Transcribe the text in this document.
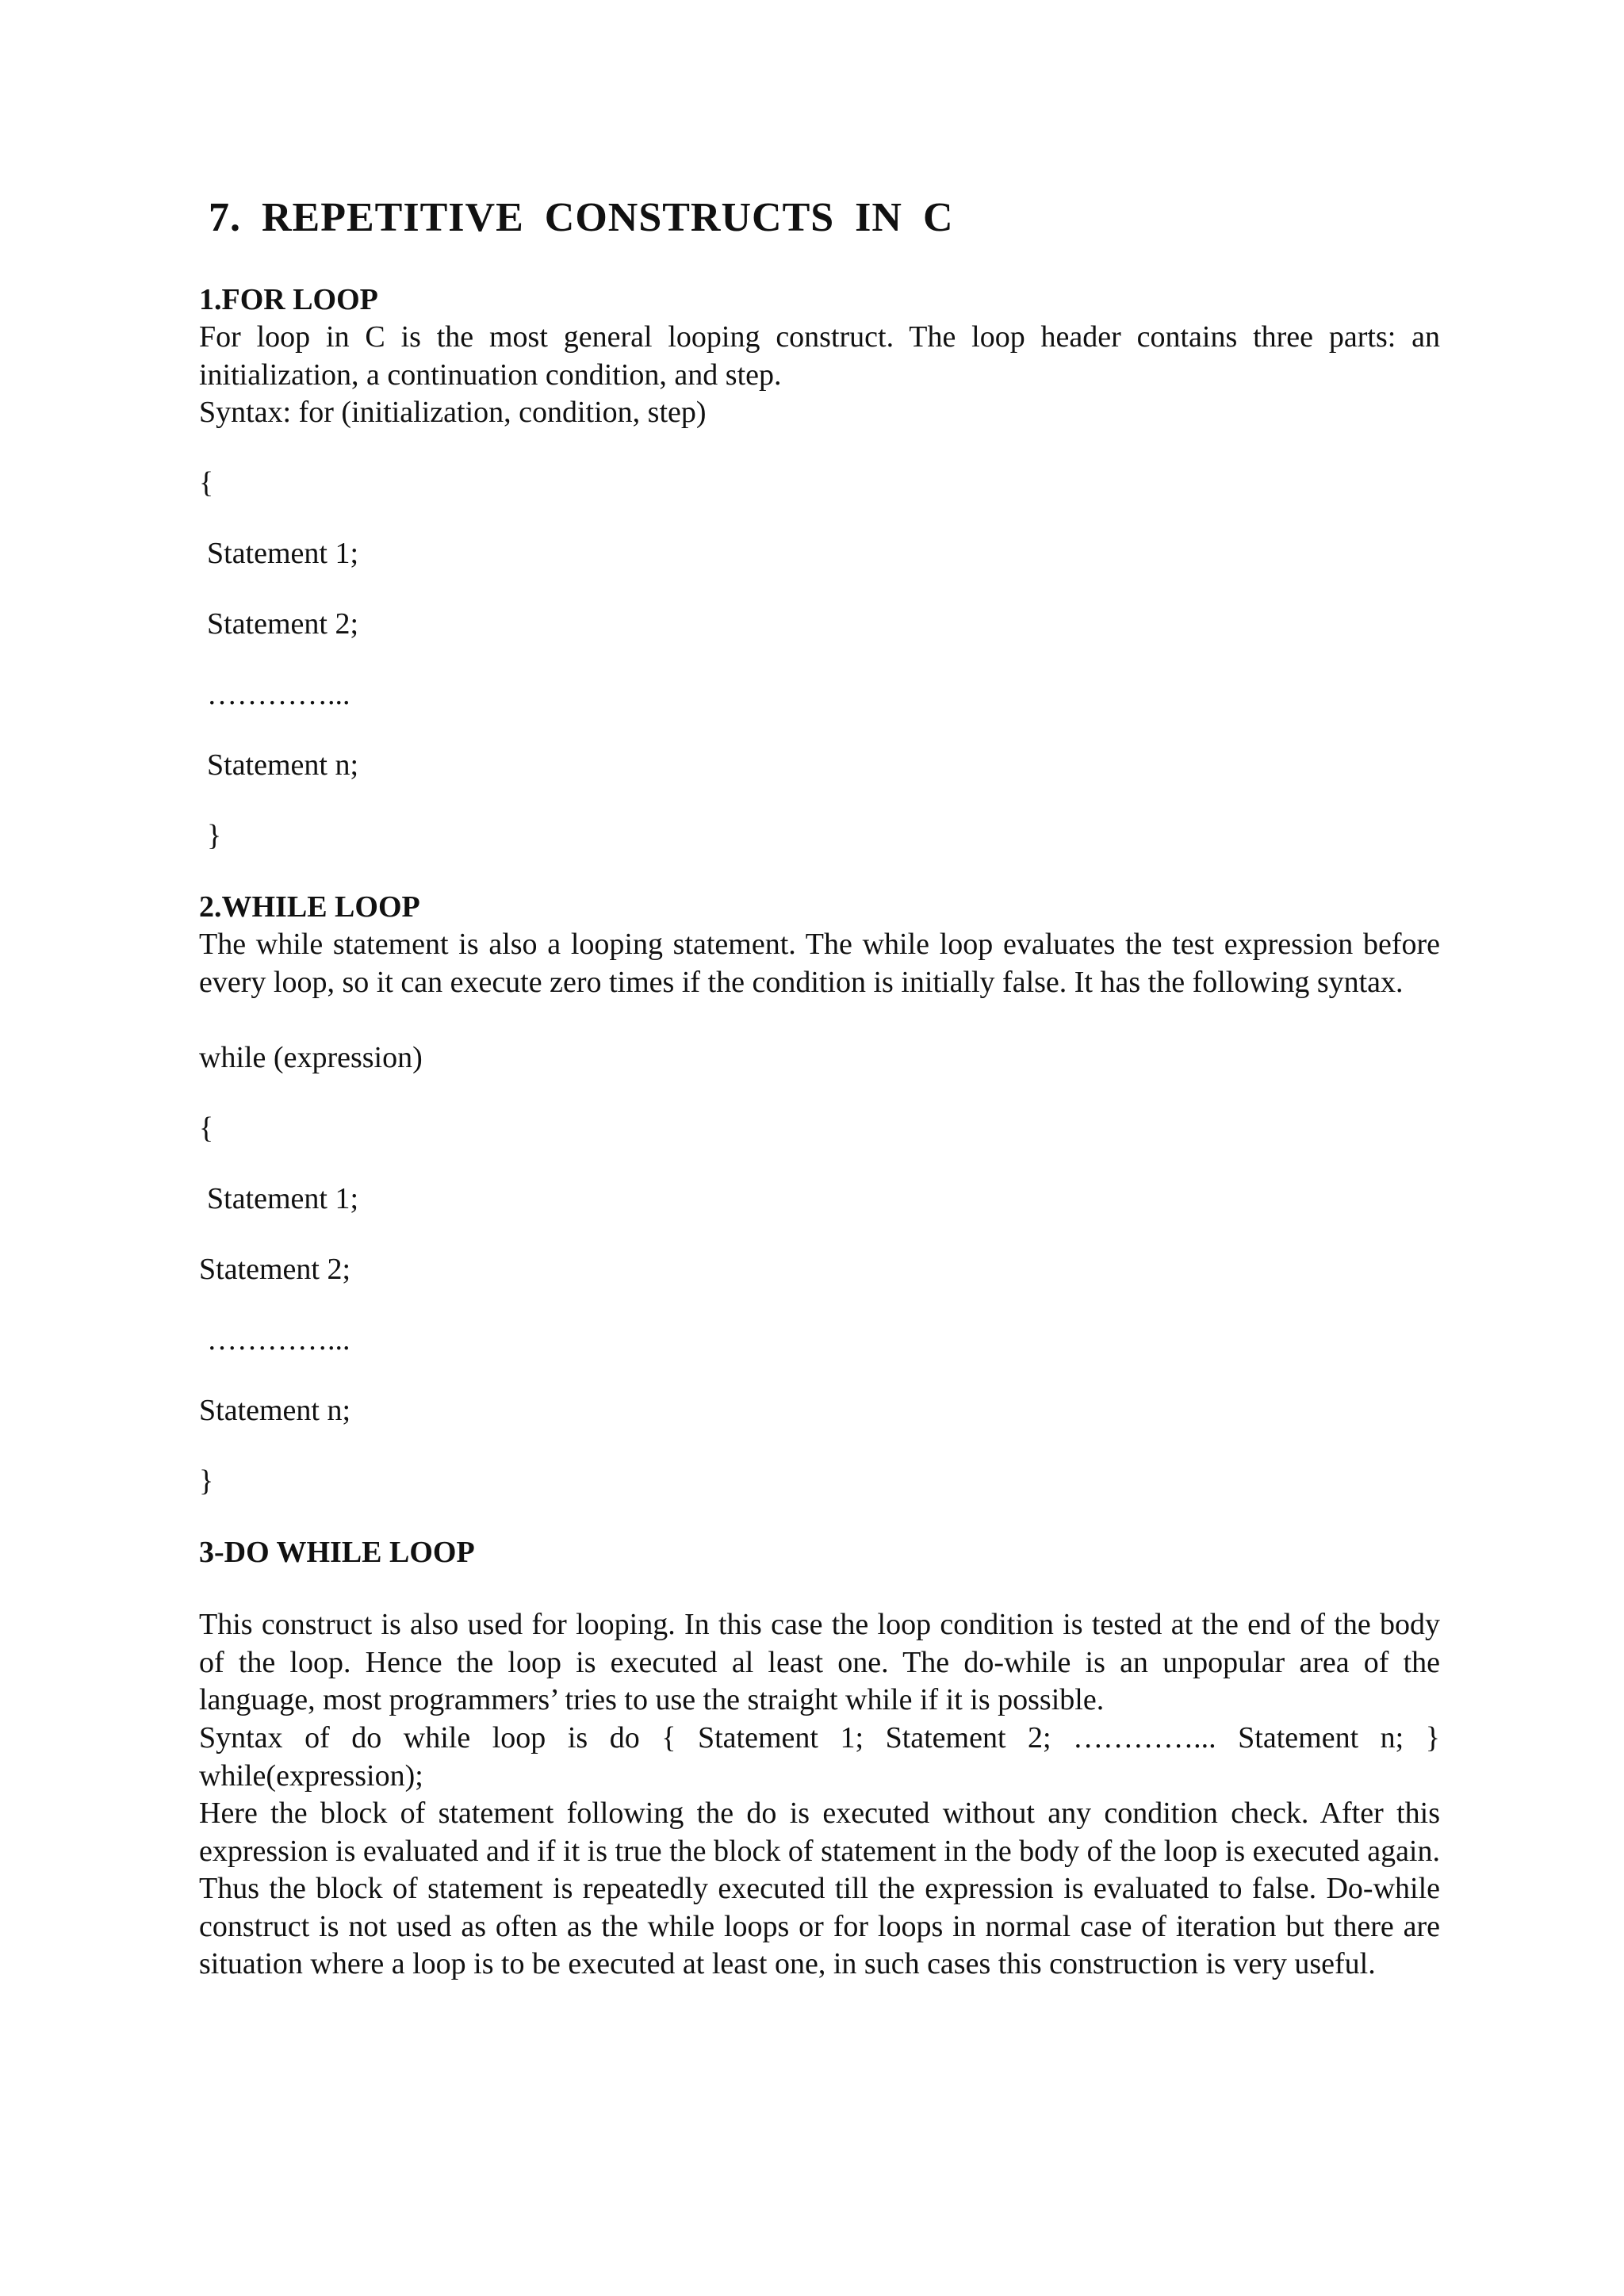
7. REPETITIVE CONSTRUCTS IN C
1.FOR LOOP

For loop in C is the most general looping construct. The loop header contains three parts: an initialization, a continuation condition, and step.

Syntax: for (initialization, condition, step)
{
Statement 1;
Statement 2;
…………...
Statement n;
}
2.WHILE LOOP

The while statement is also a looping statement. The while loop evaluates the test expression before every loop, so it can execute zero times if the condition is initially false. It has the following syntax.

while (expression)
{
Statement 1;
Statement 2;
…………...
Statement n;
}
3-DO WHILE LOOP

This construct is also used for looping. In this case the loop condition is tested at the end of the body of the loop. Hence the loop is executed al least one. The do-while is an unpopular area of the language, most programmers’ tries to use the straight while if it is possible.

Syntax of do while loop is do { Statement 1; Statement 2; …………... Statement n; } while(expression);

Here the block of statement following the do is executed without any condition check. After this expression is evaluated and if it is true the block of statement in the body of the loop is executed again. Thus the block of statement is repeatedly executed till the expression is evaluated to false. Do-while construct is not used as often as the while loops or for loops in normal case of iteration but there are situation where a loop is to be executed at least one, in such cases this construction is very useful.
